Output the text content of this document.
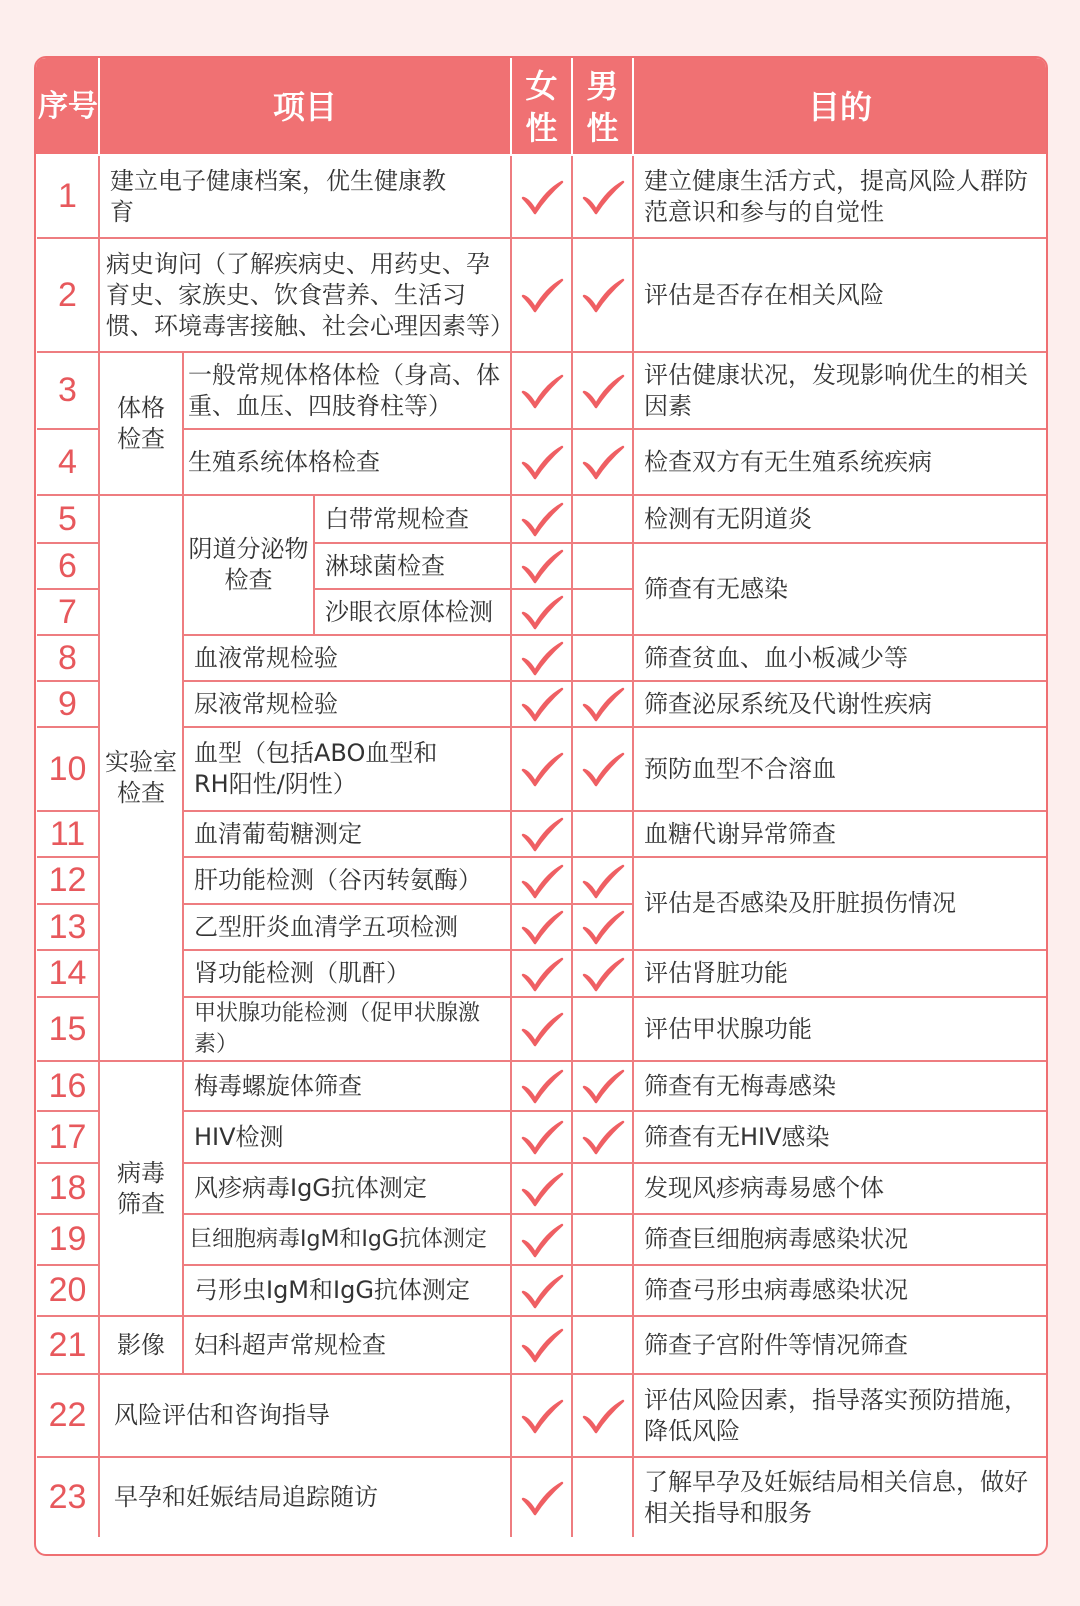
序号	项目			女性	男性	目的
1	建立电子健康档案，优生健康教育					建立健康生活方式，提高风险人群防范意识和参与的自觉性
2	病史询问（了解疾病史、用药史、孕育史、家族史、饮食营养、生活习惯、环境毒害接触、社会心理因素等）					评估是否存在相关风险
3	体格检查	一般常规体格体检（身高、体重、血压、四肢脊柱等）				评估健康状况，发现影响优生的相关因素
4		生殖系统体格检查				检查双方有无生殖系统疾病
5	实验室检查	阴道分泌物检查	白带常规检查			检测有无阴道炎
6			淋球菌检查			筛查有无感染
7			沙眼衣原体检测		
8		血液常规检验				筛查贫血、血小板减少等
9		尿液常规检验				筛查泌尿系统及代谢性疾病
10		血型（包括ABO血型和RH阳性/阴性）				预防血型不合溶血
11		血清葡萄糖测定				血糖代谢异常筛查
12		肝功能检测（谷丙转氨酶）				评估是否感染及肝脏损伤情况
13		乙型肝炎血清学五项检测		
14		肾功能检测（肌酐）				评估肾脏功能
15		甲状腺功能检测（促甲状腺激素）				评估甲状腺功能
16	病毒筛查	梅毒螺旋体筛查				筛查有无梅毒感染
17		HIV检测				筛查有无HIV感染
18		风疹病毒IgG抗体测定				发现风疹病毒易感个体
19		巨细胞病毒IgM和IgG抗体测定				筛查巨细胞病毒感染状况
20		弓形虫IgM和IgG抗体测定				筛查弓形虫病毒感染状况
21	影像	妇科超声常规检查				筛查子宫附件等情况筛查
22	风险评估和咨询指导					评估风险因素，指导落实预防措施，降低风险
23	早孕和妊娠结局追踪随访					了解早孕及妊娠结局相关信息，做好相关指导和服务
